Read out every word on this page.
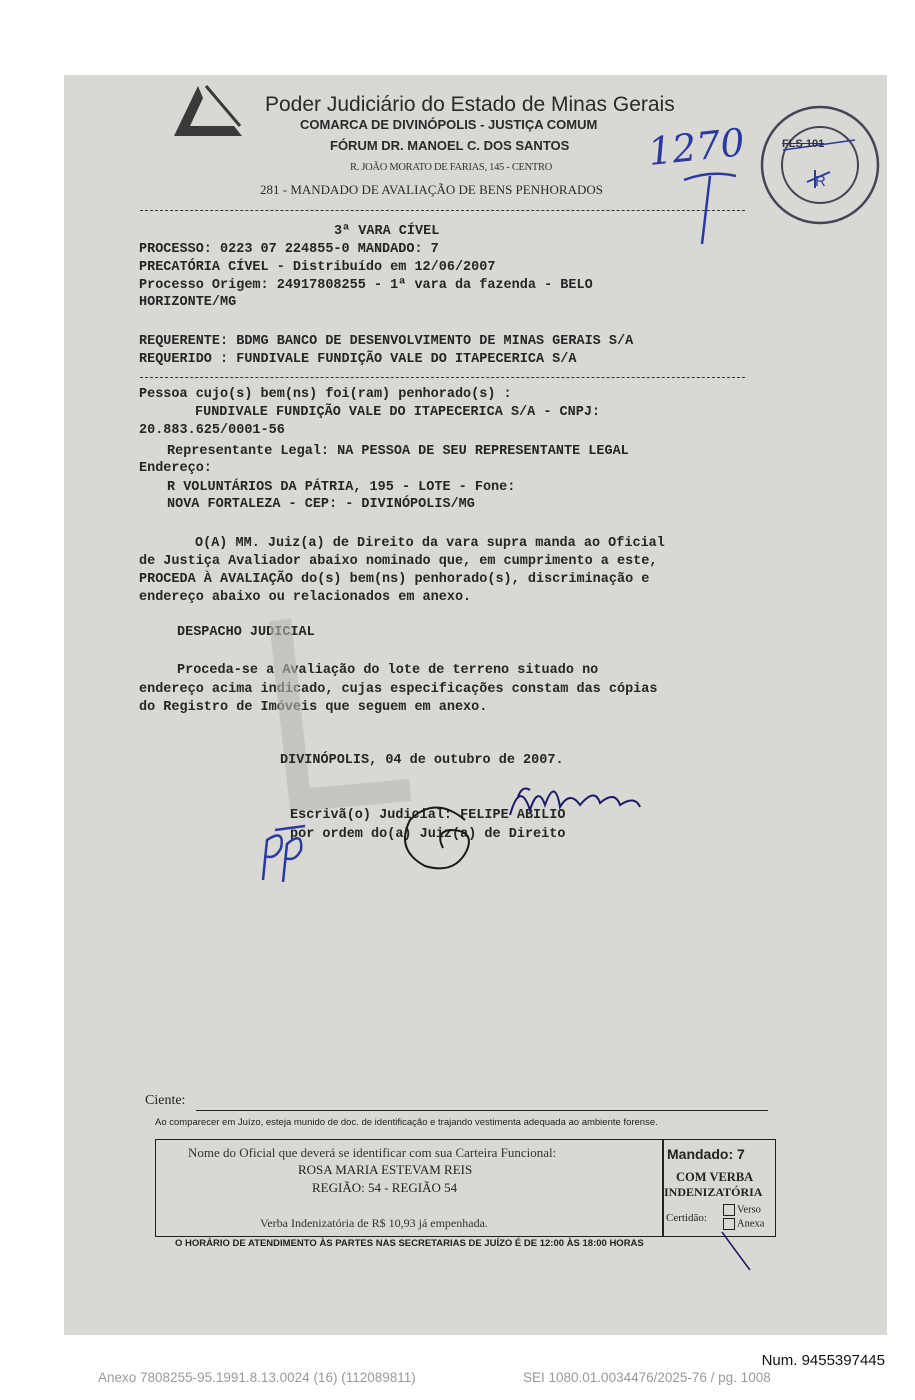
Poder Judiciário do Estado de Minas Gerais
COMARCA DE DIVINÓPOLIS - JUSTIÇA COMUM
FÓRUM DR. MANOEL C. DOS SANTOS
R. JOÃO MORATO DE FARIAS, 145 - CENTRO
281 - MANDADO DE AVALIAÇÃO DE BENS PENHORADOS
FLS 101
R
1270
3ª VARA CÍVEL
PROCESSO: 0223 07 224855-0 MANDADO: 7
PRECATÓRIA CÍVEL - Distribuído em 12/06/2007
Processo Origem: 24917808255 - 1ª vara da fazenda - BELO
HORIZONTE/MG
REQUERENTE: BDMG BANCO DE DESENVOLVIMENTO DE MINAS GERAIS S/A
REQUERIDO : FUNDIVALE FUNDIÇÃO VALE DO ITAPECERICA S/A
Pessoa cujo(s) bem(ns) foi(ram) penhorado(s) :
FUNDIVALE FUNDIÇÃO VALE DO ITAPECERICA S/A - CNPJ:
20.883.625/0001-56
Representante Legal: NA PESSOA DE SEU REPRESENTANTE LEGAL
Endereço:
R VOLUNTÁRIOS DA PÁTRIA, 195 - LOTE - Fone:
NOVA FORTALEZA - CEP: - DIVINÓPOLIS/MG
O(A) MM. Juiz(a) de Direito da vara supra manda ao Oficial
de Justiça Avaliador abaixo nominado que, em cumprimento a este,
PROCEDA À AVALIAÇÃO do(s) bem(ns) penhorado(s), discriminação e
endereço abaixo ou relacionados em anexo.
DESPACHO JUDICIAL
Proceda-se a Avaliação do lote de terreno situado no
endereço acima indicado, cujas especificações constam das cópias
do Registro de Imóveis que seguem em anexo.
DIVINÓPOLIS, 04 de outubro de 2007.
Escrivã(o) Judicial: FELIPE ABILIO
por ordem do(a) Juiz(a) de Direito
Ciente:
Ao comparecer em Juízo, esteja munido de doc. de identificação e trajando vestimenta adequada ao ambiente forense.
Nome do Oficial que deverá se identificar com sua Carteira Funcional:
ROSA MARIA ESTEVAM REIS
REGIÃO: 54 - REGIÃO 54
Verba Indenizatória de R$ 10,93 já empenhada.
Mandado: 7
COM VERBA
INDENIZATÓRIA
Certidão:
Verso
Anexa
O HORÁRIO DE ATENDIMENTO ÀS PARTES NAS SECRETARIAS DE JUÍZO É DE 12:00 ÀS 18:00 HORAS
Num. 9455397445
Anexo 7808255-95.1991.8.13.0024 (16) (112089811)	SEI 1080.01.0034476/2025-76 / pg. 1008
